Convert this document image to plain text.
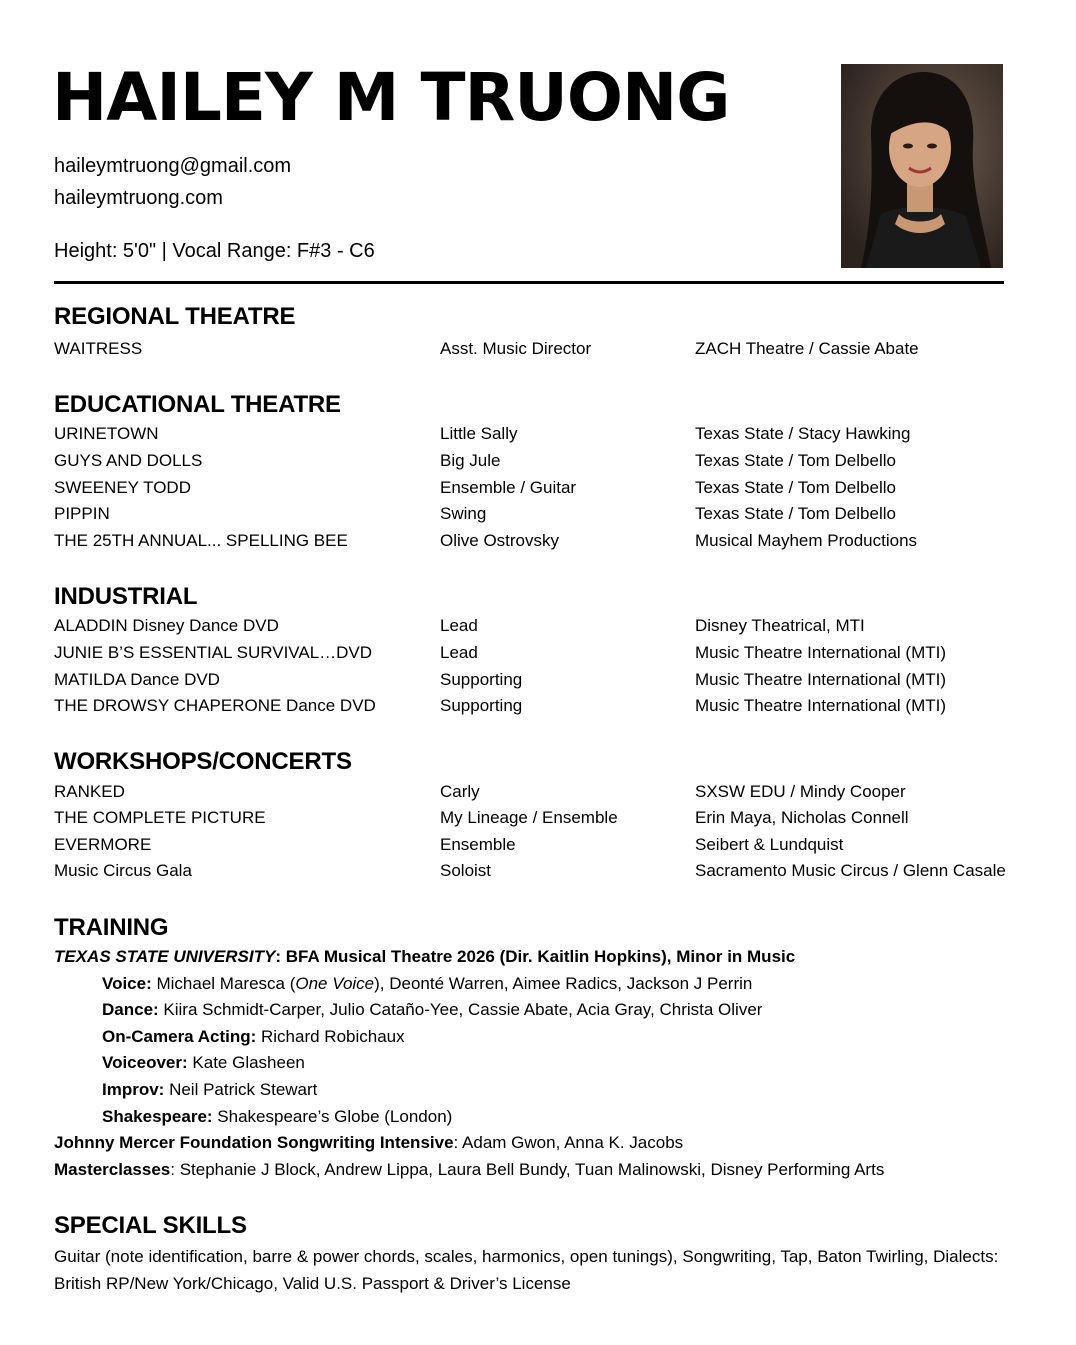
HAILEY M TRUONG
haileymtruong@gmail.com
haileymtruong.com
Height: 5'0" | Vocal Range: F#3 - C6
REGIONAL THEATRE
WAITRESS	Asst. Music Director	ZACH Theatre / Cassie Abate
EDUCATIONAL THEATRE
URINETOWN	Little Sally	Texas State / Stacy Hawking
GUYS AND DOLLS	Big Jule	Texas State / Tom Delbello
SWEENEY TODD	Ensemble / Guitar	Texas State / Tom Delbello
PIPPIN	Swing	Texas State / Tom Delbello
THE 25TH ANNUAL... SPELLING BEE	Olive Ostrovsky	Musical Mayhem Productions
INDUSTRIAL
ALADDIN Disney Dance DVD	Lead	Disney Theatrical, MTI
JUNIE B’S ESSENTIAL SURVIVAL…DVD	Lead	Music Theatre International (MTI)
MATILDA Dance DVD	Supporting	Music Theatre International (MTI)
THE DROWSY CHAPERONE Dance DVD	Supporting	Music Theatre International (MTI)
WORKSHOPS/CONCERTS
RANKED	Carly	SXSW EDU / Mindy Cooper
THE COMPLETE PICTURE	My Lineage / Ensemble	Erin Maya, Nicholas Connell
EVERMORE	Ensemble	Seibert & Lundquist
Music Circus Gala	Soloist	Sacramento Music Circus / Glenn Casale
TRAINING
TEXAS STATE UNIVERSITY: BFA Musical Theatre 2026 (Dir. Kaitlin Hopkins), Minor in Music
Voice: Michael Maresca (One Voice), Deonté Warren, Aimee Radics, Jackson J Perrin
Dance: Kiira Schmidt-Carper, Julio Cataño-Yee, Cassie Abate, Acia Gray, Christa Oliver
On-Camera Acting: Richard Robichaux
Voiceover: Kate Glasheen
Improv: Neil Patrick Stewart
Shakespeare: Shakespeare’s Globe (London)
Johnny Mercer Foundation Songwriting Intensive: Adam Gwon, Anna K. Jacobs
Masterclasses: Stephanie J Block, Andrew Lippa, Laura Bell Bundy, Tuan Malinowski, Disney Performing Arts
SPECIAL SKILLS

Guitar (note identification, barre & power chords, scales, harmonics, open tunings), Songwriting, Tap, Baton Twirling, Dialects: British RP/New York/Chicago, Valid U.S. Passport & Driver’s License
